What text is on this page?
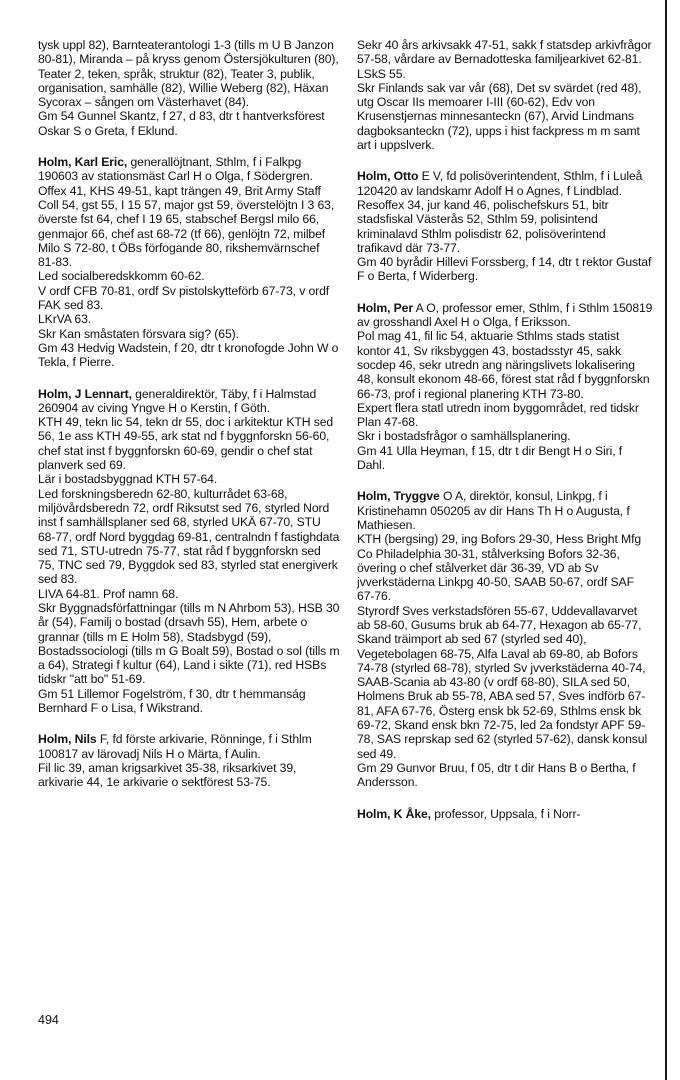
tysk uppl 82), Barnteaterantologi 1-3 (tills m U B Janzon 80-81), Miranda – på kryss genom Östersjökulturen (80), Teater 2, teken, språk, struktur (82), Teater 3, publik, organisation, samhälle (82), Willie Weberg (82), Häxan Sycorax – sången om Västerhavet (84).

Gm 54 Gunnel Skantz, f 27, d 83, dtr t hantverksförest Oskar S o Greta, f Eklund.

Holm, Karl Eric, generallöjtnant, Sthlm, f i Falkpg 190603 av stationsmäst Carl H o Olga, f Södergren.

Offex 41, KHS 49-51, kapt trängen 49, Brit Army Staff Coll 54, gst 55, I 15 57, major gst 59, överstelöjtn I 3 63, överste fst 64, chef I 19 65, stabschef Bergsl milo 66, genmajor 66, chef ast 68-72 (tf 66), genlöjtn 72, milbef Milo S 72-80, t ÖBs förfogande 80, rikshemvärnschef 81-83.

Led socialberedskkomm 60-62.

V ordf CFB 70-81, ordf Sv pistolskytteförb 67-73, v ordf FAK sed 83.

LKrVA 63.

Skr Kan småstaten försvara sig? (65).

Gm 43 Hedvig Wadstein, f 20, dtr t kronofogde John W o Tekla, f Pierre.

Holm, J Lennart, generaldirektör, Täby, f i Halmstad 260904 av civing Yngve H o Kerstin, f Göth.

KTH 49, tekn lic 54, tekn dr 55, doc i arkitektur KTH sed 56, 1e ass KTH 49-55, ark stat nd f byggnforskn 56-60, chef stat inst f byggnforskn 60-69, gendir o chef stat planverk sed 69.

Lär i bostadsbyggnad KTH 57-64.

Led forskningsberedn 62-80, kulturrådet 63-68, miljövårdsberedn 72, ordf Riksutst sed 76, styrled Nord inst f samhällsplaner sed 68, styrled UKÄ 67-70, STU 68-77, ordf Nord byggdag 69-81, centralndn f fastighdata sed 71, STU-utredn 75-77, stat råd f byggnforskn sed 75, TNC sed 79, Byggdok sed 83, styrled stat energiverk sed 83.

LIVA 64-81. Prof namn 68.

Skr Byggnadsförfattningar (tills m N Ahrbom 53), HSB 30 år (54), Familj o bostad (drsavh 55), Hem, arbete o grannar (tills m E Holm 58), Stadsbygd (59), Bostadssociologi (tills m G Boalt 59), Bostad o sol (tills m a 64), Strategi f kultur (64), Land i sikte (71), red HSBs tidskr "att bo" 51-69.

Gm 51 Lillemor Fogelström, f 30, dtr t hemmanság Bernhard F o Lisa, f Wikstrand.

Holm, Nils F, fd förste arkivarie, Rönninge, f i Sthlm 100817 av lärovadj Nils H o Märta, f Aulin.

Fil lic 39, aman krigsarkivet 35-38, riksarkivet 39, arkivarie 44, 1e arkivarie o sektförest 53-75.

Sekr 40 års arkivsakk 47-51, sakk f statsdep arkivfrågor 57-58, vårdare av Bernadotteska familjearkivet 62-81.

LSkS 55.

Skr Finlands sak var vår (68), Det sv svärdet (red 48), utg Oscar IIs memoarer I-III (60-62), Edv von Krusenstjernas minnesanteckn (67), Arvid Lindmans dagboksanteckn (72), upps i hist fackpress m m samt art i uppslverk.

Holm, Otto E V, fd polisöverintendent, Sthlm, f i Luleå 120420 av landskamr Adolf H o Agnes, f Lindblad.

Resoffex 34, jur kand 46, polischefskurs 51, bitr stadsfiskal Västerås 52, Sthlm 59, polisintend kriminalavd Sthlm polisdistr 62, polisöverintend trafikavd där 73-77.

Gm 40 byrådir Hillevi Forssberg, f 14, dtr t rektor Gustaf F o Berta, f Widerberg.

Holm, Per A O, professor emer, Sthlm, f i Sthlm 150819 av grosshandl Axel H o Olga, f Eriksson.

Pol mag 41, fil lic 54, aktuarie Sthlms stads statist kontor 41, Sv riksbyggen 43, bostadsstyr 45, sakk socdep 46, sekr utredn ang näringslivets lokalisering 48, konsult ekonom 48-66, förest stat råd f byggnforskn 66-73, prof i regional planering KTH 73-80.

Expert flera statl utredn inom byggområdet, red tidskr Plan 47-68.

Skr i bostadsfrågor o samhällsplanering.

Gm 41 Ulla Heyman, f 15, dtr t dir Bengt H o Siri, f Dahl.

Holm, Tryggve O A, direktör, konsul, Linkpg, f i Kristinehamn 050205 av dir Hans Th H o Augusta, f Mathiesen.

KTH (bergsing) 29, ing Bofors 29-30, Hess Bright Mfg Co Philadelphia 30-31, stålverksing Bofors 32-36, övering o chef stålverket där 36-39, VD ab Sv jvverkstäderna Linkpg 40-50, SAAB 50-67, ordf SAF 67-76.

Styrordf Sves verkstadsfören 55-67, Uddevallavarvet ab 58-60, Gusums bruk ab 64-77, Hexagon ab 65-77, Skand träimport ab sed 67 (styrled sed 40), Vegetebolagen 68-75, Alfa Laval ab 69-80, ab Bofors 74-78 (styrled 68-78), styrled Sv jvverkstäderna 40-74, SAAB-Scania ab 43-80 (v ordf 68-80), SILA sed 50, Holmens Bruk ab 55-78, ABA sed 57, Sves indförb 67-81, AFA 67-76, Österg ensk bk 52-69, Sthlms ensk bk 69-72, Skand ensk bkn 72-75, led 2a fondstyr APF 59-78, SAS reprskap sed 62 (styrled 57-62), dansk konsul sed 49.

Gm 29 Gunvor Bruu, f 05, dtr t dir Hans B o Bertha, f Andersson.

Holm, K Åke, professor, Uppsala, f i Norr-

494
